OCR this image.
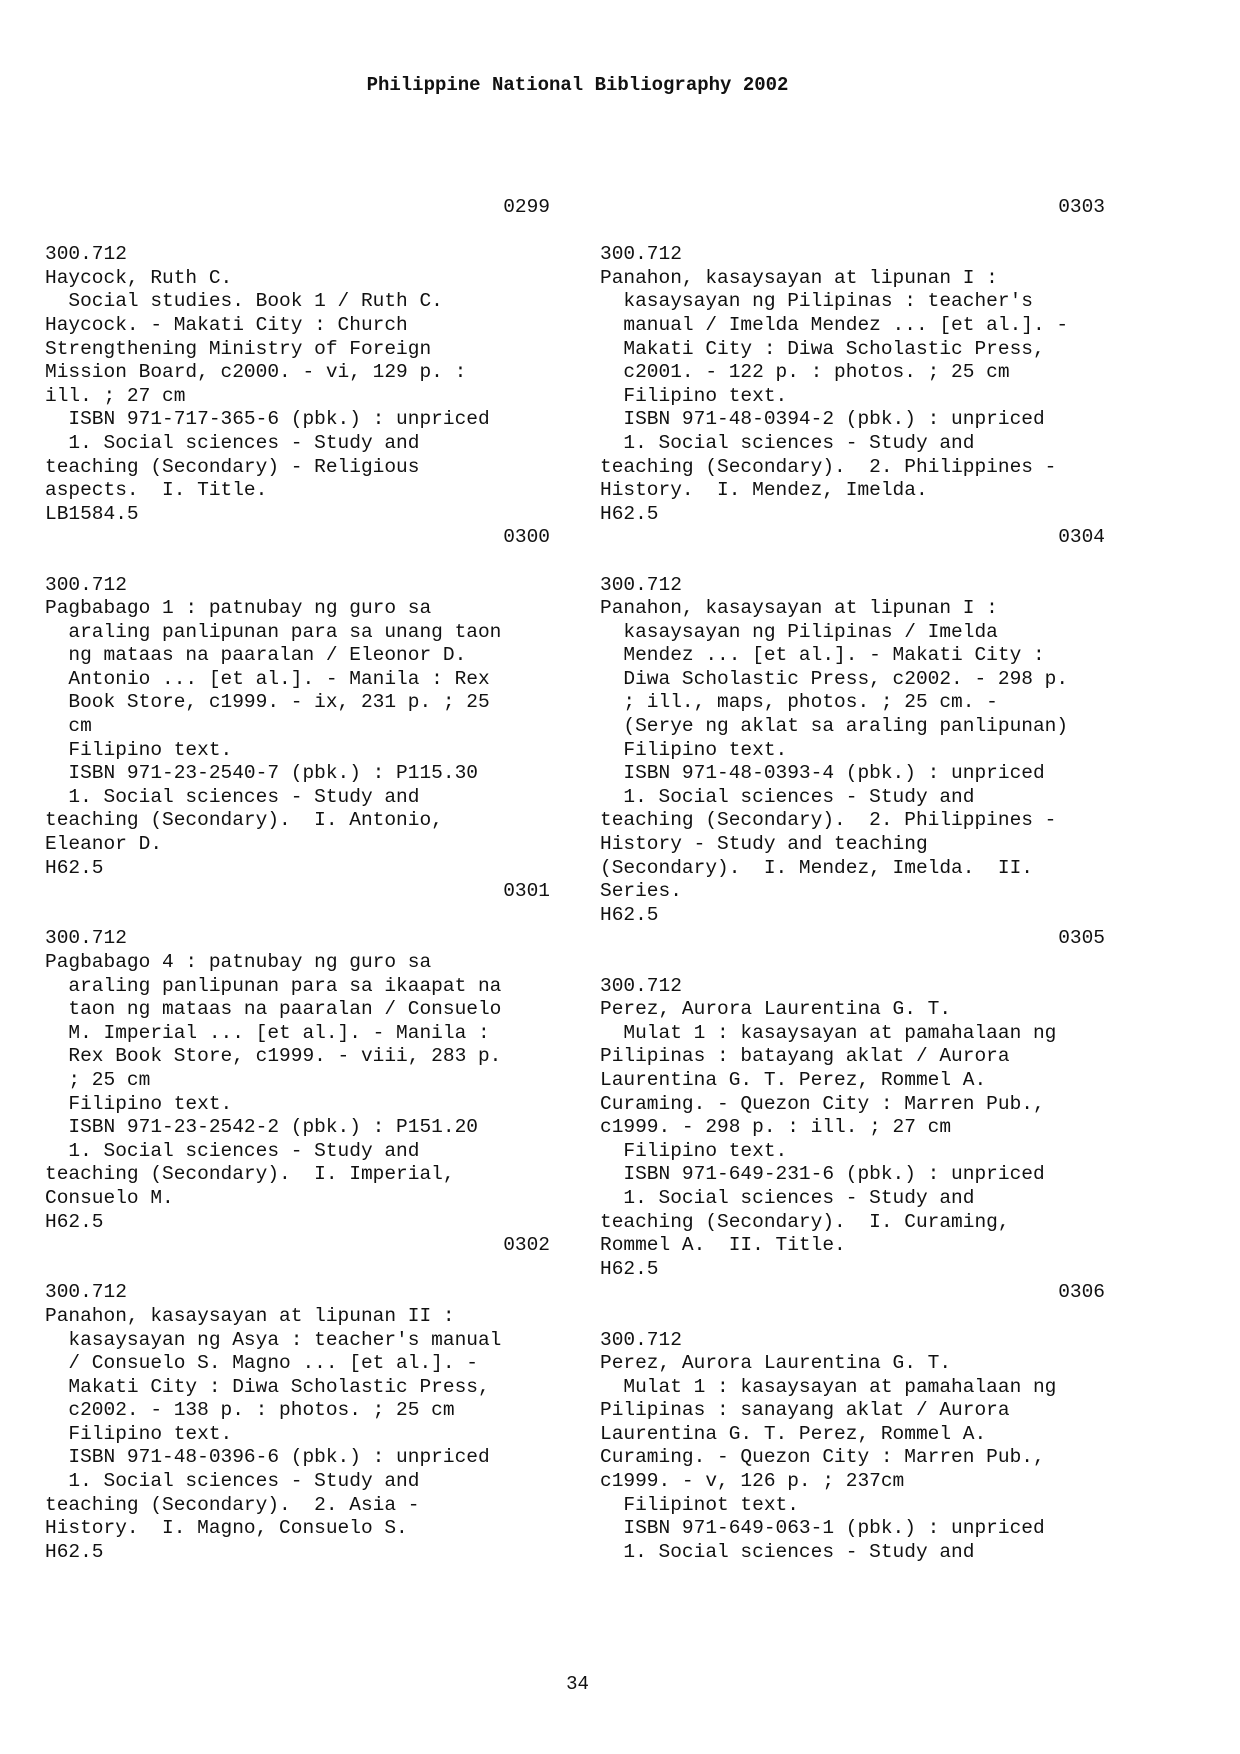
Philippine National Bibliography 2002
0299
300.712
Haycock, Ruth C.
Social studies. Book 1 / Ruth C.
Haycock. - Makati City : Church
Strengthening Ministry of Foreign
Mission Board, c2000. - vi, 129 p. :
ill. ; 27 cm
ISBN 971-717-365-6 (pbk.) : unpriced
1. Social sciences - Study and
teaching (Secondary) - Religious
aspects.  I. Title.
LB1584.5
0300
300.712
Pagbabago 1 : patnubay ng guro sa
araling panlipunan para sa unang taon
ng mataas na paaralan / Eleonor D.
Antonio ... [et al.]. - Manila : Rex
Book Store, c1999. - ix, 231 p. ; 25
cm
Filipino text.
ISBN 971-23-2540-7 (pbk.) : P115.30
1. Social sciences - Study and
teaching (Secondary).  I. Antonio,
Eleanor D.
H62.5
0301
300.712
Pagbabago 4 : patnubay ng guro sa
araling panlipunan para sa ikaapat na
taon ng mataas na paaralan / Consuelo
M. Imperial ... [et al.]. - Manila :
Rex Book Store, c1999. - viii, 283 p.
; 25 cm
Filipino text.
ISBN 971-23-2542-2 (pbk.) : P151.20
1. Social sciences - Study and
teaching (Secondary).  I. Imperial,
Consuelo M.
H62.5
0302
300.712
Panahon, kasaysayan at lipunan II :
kasaysayan ng Asya : teacher's manual
/ Consuelo S. Magno ... [et al.]. -
Makati City : Diwa Scholastic Press,
c2002. - 138 p. : photos. ; 25 cm
Filipino text.
ISBN 971-48-0396-6 (pbk.) : unpriced
1. Social sciences - Study and
teaching (Secondary).  2. Asia -
History.  I. Magno, Consuelo S.
H62.5
0303
300.712
Panahon, kasaysayan at lipunan I :
kasaysayan ng Pilipinas : teacher's
manual / Imelda Mendez ... [et al.]. -
Makati City : Diwa Scholastic Press,
c2001. - 122 p. : photos. ; 25 cm
Filipino text.
ISBN 971-48-0394-2 (pbk.) : unpriced
1. Social sciences - Study and
teaching (Secondary).  2. Philippines -
History.  I. Mendez, Imelda.
H62.5
0304
300.712
Panahon, kasaysayan at lipunan I :
kasaysayan ng Pilipinas / Imelda
Mendez ... [et al.]. - Makati City :
Diwa Scholastic Press, c2002. - 298 p.
; ill., maps, photos. ; 25 cm. -
(Serye ng aklat sa araling panlipunan)
Filipino text.
ISBN 971-48-0393-4 (pbk.) : unpriced
1. Social sciences - Study and
teaching (Secondary).  2. Philippines -
History - Study and teaching
(Secondary).  I. Mendez, Imelda.  II.
Series.
H62.5
0305
300.712
Perez, Aurora Laurentina G. T.
Mulat 1 : kasaysayan at pamahalaan ng
Pilipinas : batayang aklat / Aurora
Laurentina G. T. Perez, Rommel A.
Curaming. - Quezon City : Marren Pub.,
c1999. - 298 p. : ill. ; 27 cm
Filipino text.
ISBN 971-649-231-6 (pbk.) : unpriced
1. Social sciences - Study and
teaching (Secondary).  I. Curaming,
Rommel A.  II. Title.
H62.5
0306
300.712
Perez, Aurora Laurentina G. T.
Mulat 1 : kasaysayan at pamahalaan ng
Pilipinas : sanayang aklat / Aurora
Laurentina G. T. Perez, Rommel A.
Curaming. - Quezon City : Marren Pub.,
c1999. - v, 126 p. ; 237cm
Filipinot text.
ISBN 971-649-063-1 (pbk.) : unpriced
1. Social sciences - Study and
34
